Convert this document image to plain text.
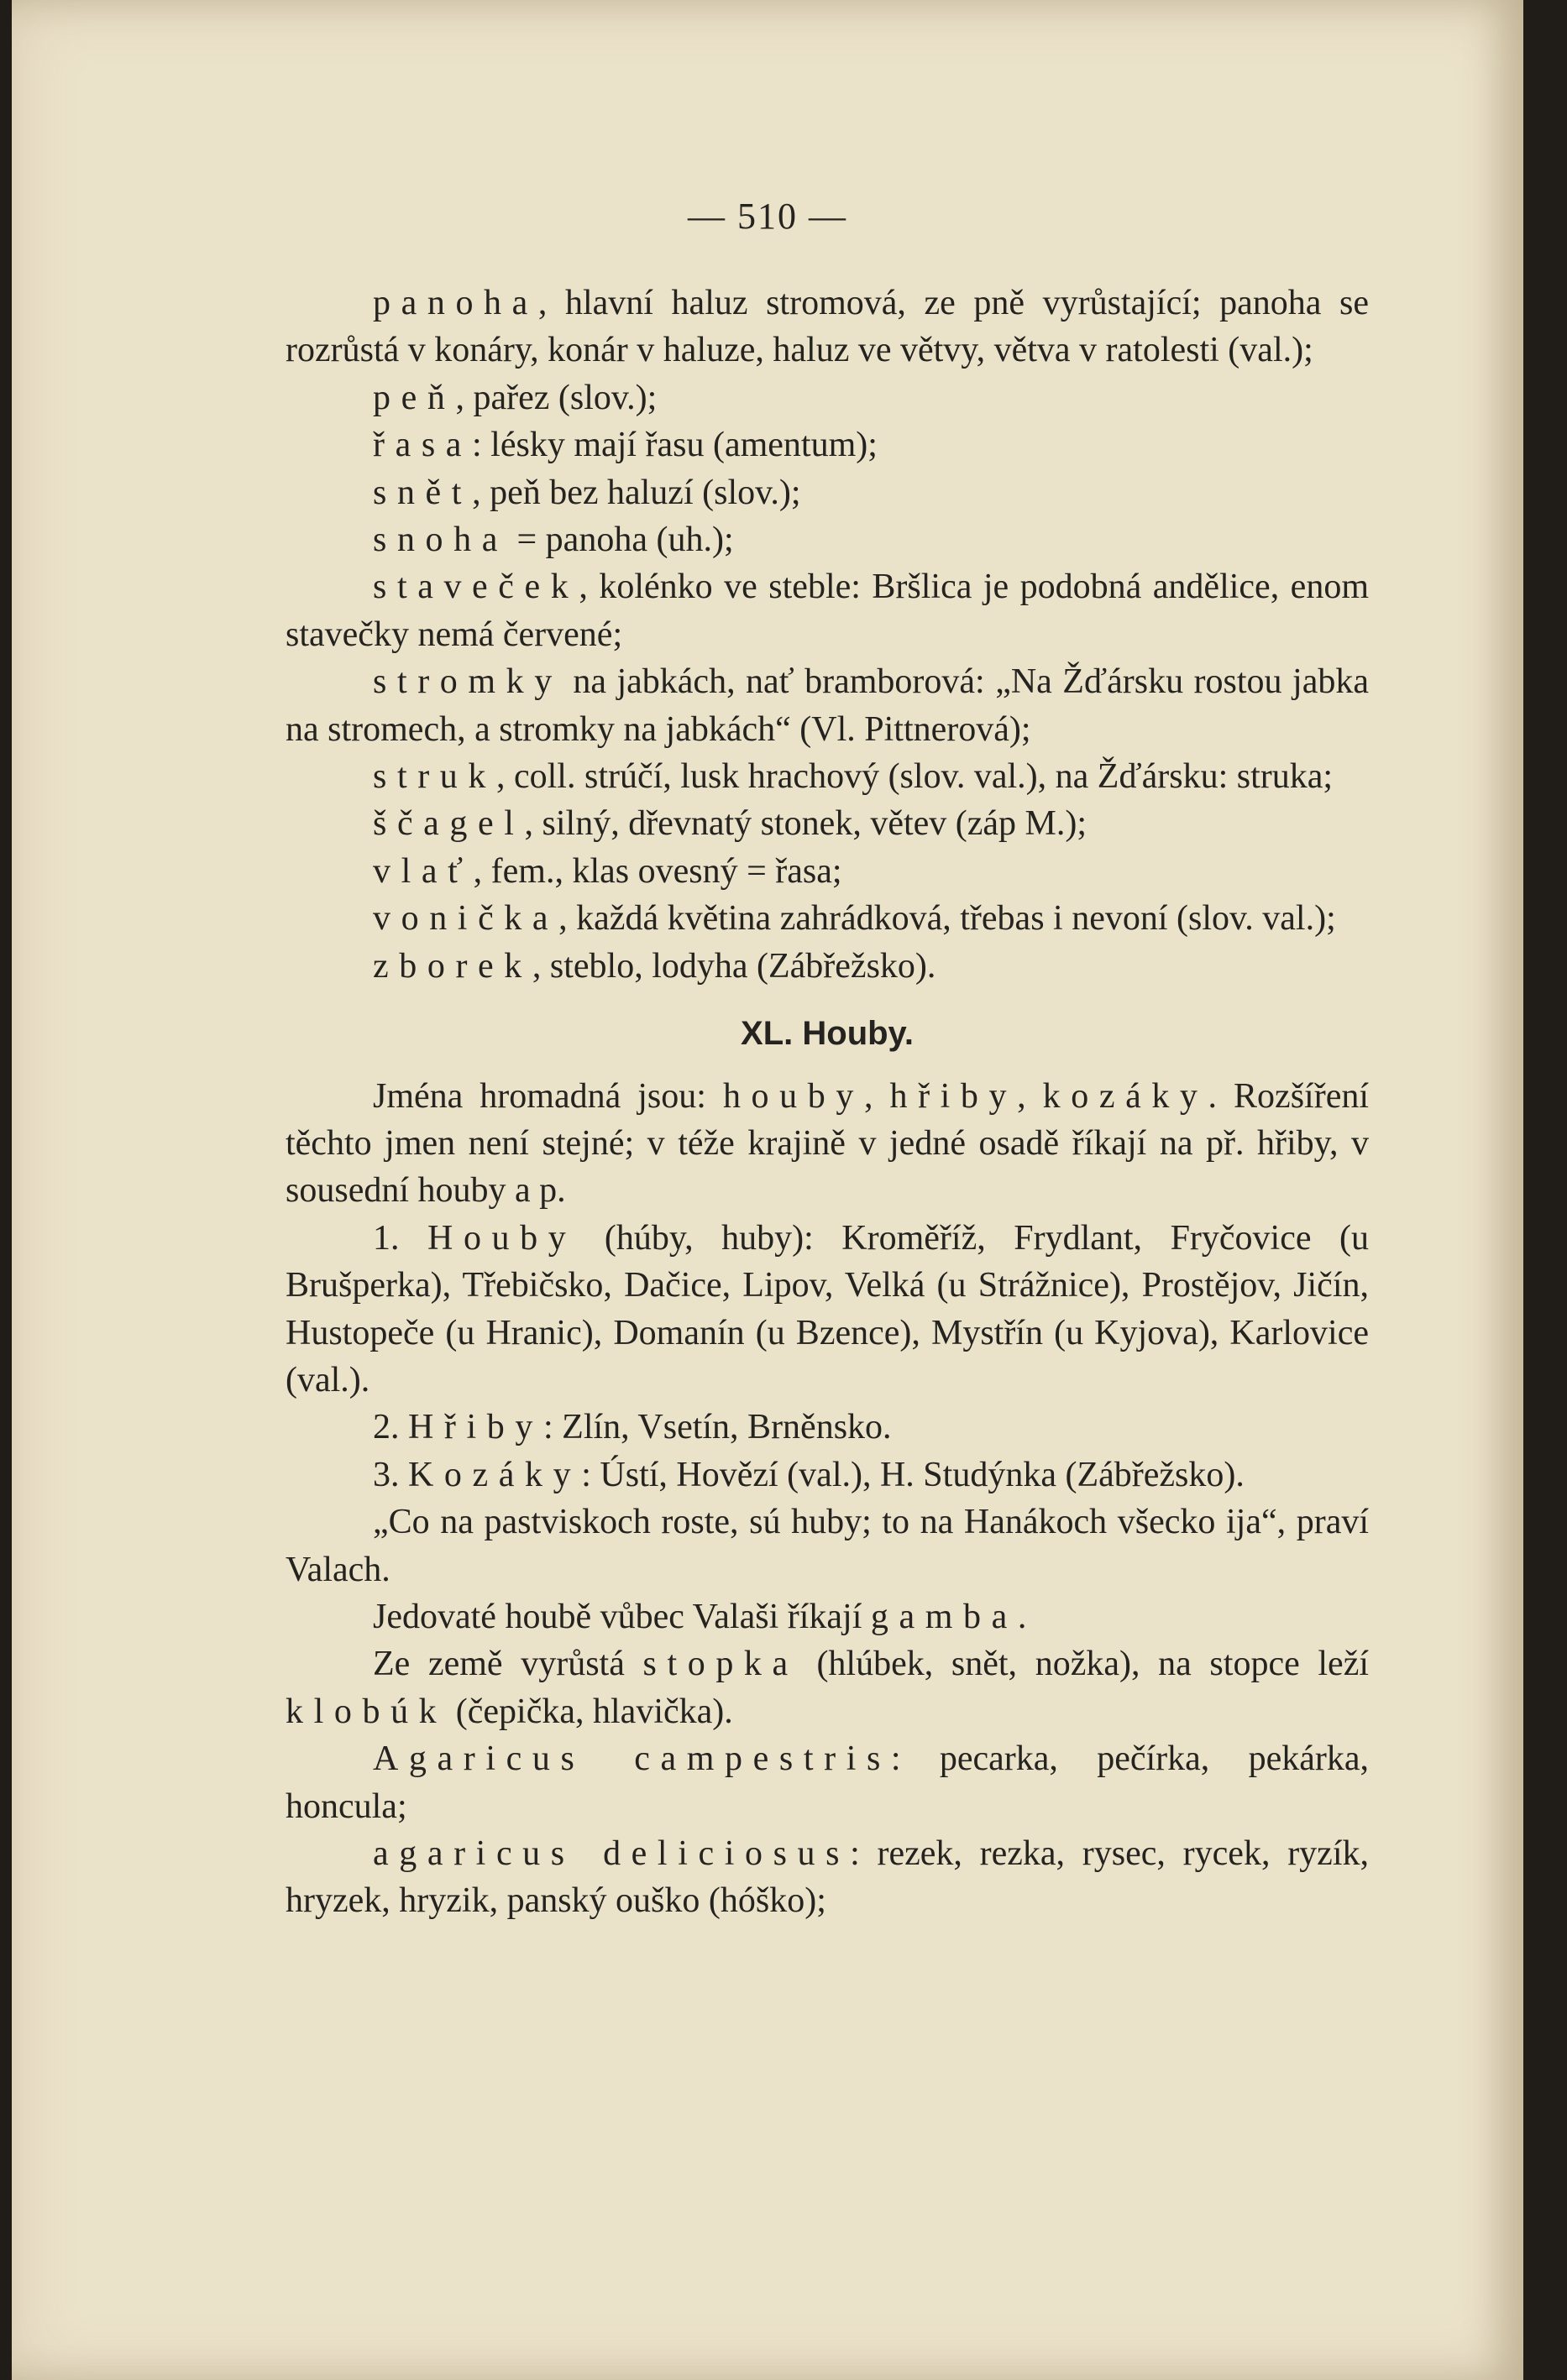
— 510 —

panoha, hlavní haluz stromová, ze pně vyrůstající; panoha se rozrůstá v konáry, konár v haluze, haluz ve větvy, větva v ratolesti (val.);

peň, pařez (slov.);

řasa: lésky mají řasu (amentum);

snět, peň bez haluzí (slov.);

snoha = panoha (uh.);

staveček, kolénko ve steble: Bršlica je podobná andělice, enom stavečky nemá červené;

stromky na jabkách, nať bramborová: „Na Žďársku rostou jabka na stromech, a stromky na jabkách“ (Vl. Pittnerová);

struk, coll. strúčí, lusk hrachový (slov. val.), na Žďársku: struka;

ščagel, silný, dřevnatý stonek, větev (záp M.);

vlať, fem., klas ovesný = řasa;

vonička, každá květina zahrádková, třebas i nevoní (slov. val.);

zborek, steblo, lodyha (Zábřežsko).

XL. Houby.

Jména hromadná jsou: houby, hřiby, kozáky. Rozšíření těchto jmen není stejné; v téže krajině v jedné osadě říkají na př. hřiby, v sousední houby a p.

1. Houby (húby, huby): Kroměříž, Frydlant, Fryčovice (u Brušperka), Třebičsko, Dačice, Lipov, Velká (u Strážnice), Prostějov, Jičín, Hustopeče (u Hranic), Domanín (u Bzence), Mystřín (u Kyjova), Karlovice (val.).

2. Hřiby: Zlín, Vsetín, Brněnsko.

3. Kozáky: Ústí, Hovězí (val.), H. Studýnka (Zábřežsko).

„Co na pastviskoch roste, sú huby; to na Hanákoch všecko ija“, praví Valach.

Jedovaté houbě vůbec Valaši říkají gamba.

Ze země vyrůstá stopka (hlúbek, snět, nožka), na stopce leží klobúk (čepička, hlavička).

Agaricus campestris: pecarka, pečírka, pekárka, honcula;

agaricus deliciosus: rezek, rezka, rysec, rycek, ryzík, hryzek, hryzik, panský ouško (hóško);
